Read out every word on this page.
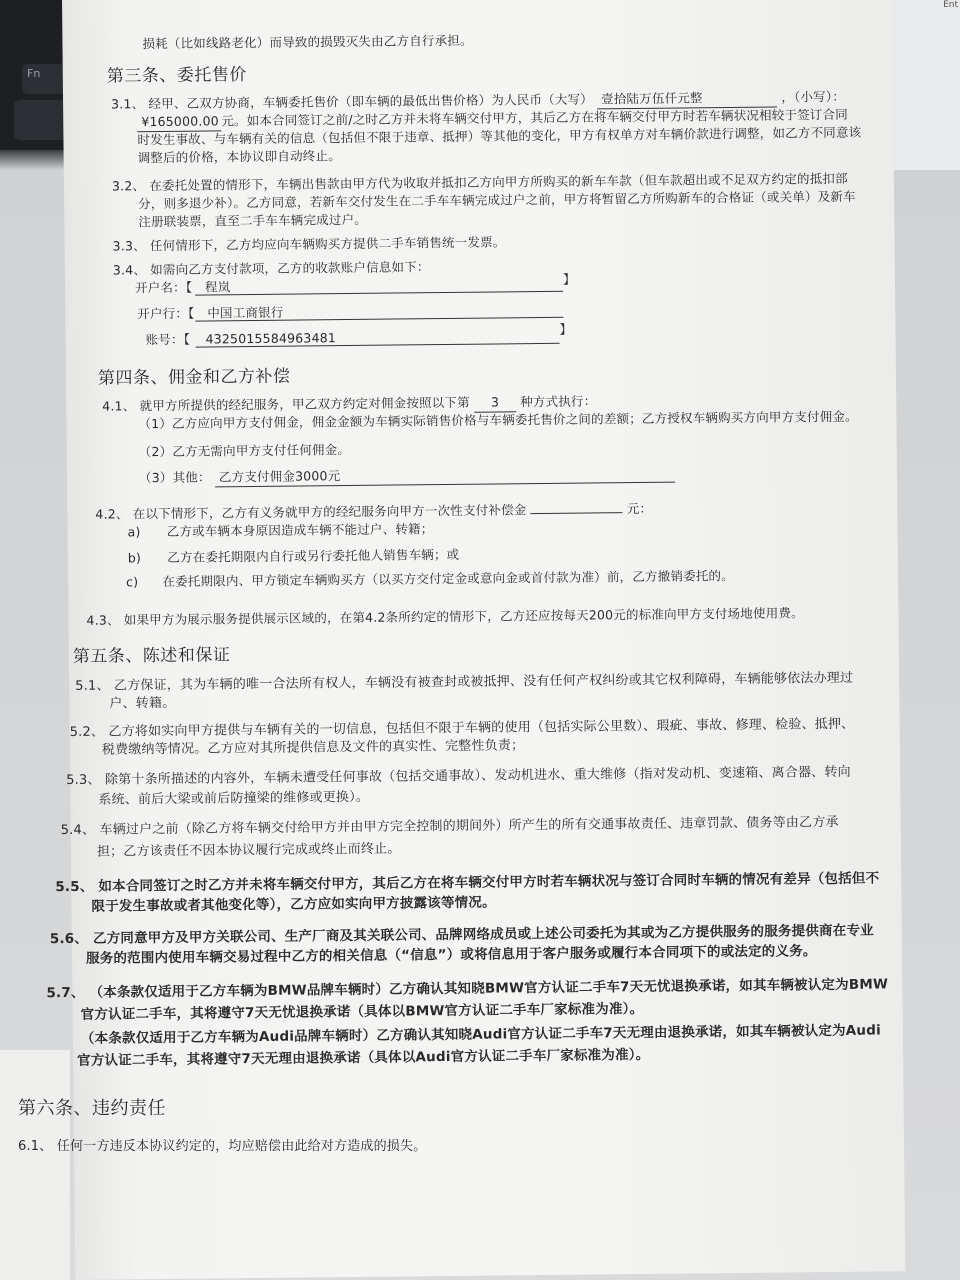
Fn
Ent
损耗（比如线路老化）而导致的损毁灭失由乙方自行承担。
第三条、委托售价
3.1、 经甲、乙双方协商，车辆委托售价（即车辆的最低出售价格）为人民币（大写） 壹拾陆万伍仟元整	，（小写）：
¥165000.00 元。如本合同签订之前/之时乙方并未将车辆交付甲方，其后乙方在将车辆交付甲方时若车辆状况相较于签订合同
时发生事故、与车辆有关的信息（包括但不限于违章、抵押）等其他的变化，甲方有权单方对车辆价款进行调整，如乙方不同意该
调整后的价格，本协议即自动终止。
3.2、 在委托处置的情形下，车辆出售款由甲方代为收取并抵扣乙方向甲方所购买的新车车款（但车款超出或不足双方约定的抵扣部
分，则多退少补）。乙方同意，若新车交付发生在二手车车辆完成过户之前，甲方将暂留乙方所购新车的合格证（或关单）及新车
注册联装票，直至二手车车辆完成过户。
3.3、 任何情形下，乙方均应向车辆购买方提供二手车销售统一发票。
3.4、 如需向乙方支付款项，乙方的收款账户信息如下：
开户名：【 程岚
】
开户行：【 中国工商银行
账号：【 4325015584963481
】
第四条、佣金和乙方补偿
4.1、 就甲方所提供的经纪服务，甲乙双方约定对佣金按照以下第 3 种方式执行：
（1）乙方应向甲方支付佣金，佣金金额为车辆实际销售价格与车辆委托售价之间的差额；乙方授权车辆购买方向甲方支付佣金。
（2）乙方无需向甲方支付任何佣金。
（3）其他： 乙方支付佣金3000元
4.2、 在以下情形下，乙方有义务就甲方的经纪服务向甲方一次性支付补偿金	元：
a) 乙方或车辆本身原因造成车辆不能过户、转籍；
b) 乙方在委托期限内自行或另行委托他人销售车辆；或
c) 在委托期限内、甲方锁定车辆购买方（以买方交付定金或意向金或首付款为准）前，乙方撤销委托的。
4.3、 如果甲方为展示服务提供展示区域的，在第4.2条所约定的情形下，乙方还应按每天200元的标准向甲方支付场地使用费。
第五条、陈述和保证
5.1、 乙方保证，其为车辆的唯一合法所有权人，车辆没有被查封或被抵押、没有任何产权纠纷或其它权利障碍，车辆能够依法办理过
户、转籍。
5.2、 乙方将如实向甲方提供与车辆有关的一切信息，包括但不限于车辆的使用（包括实际公里数）、瑕疵、事故、修理、检验、抵押、
税费缴纳等情况。乙方应对其所提供信息及文件的真实性、完整性负责；
5.3、 除第十条所描述的内容外，车辆未遭受任何事故（包括交通事故）、发动机进水、重大维修（指对发动机、变速箱、离合器、转向
系统、前后大梁或前后防撞梁的维修或更换）。
5.4、 车辆过户之前（除乙方将车辆交付给甲方并由甲方完全控制的期间外）所产生的所有交通事故责任、违章罚款、债务等由乙方承
担；乙方该责任不因本协议履行完成或终止而终止。
5.5、 如本合同签订之时乙方并未将车辆交付甲方，其后乙方在将车辆交付甲方时若车辆状况与签订合同时车辆的情况有差异（包括但不
限于发生事故或者其他变化等），乙方应如实向甲方披露该等情况。
5.6、 乙方同意甲方及甲方关联公司、生产厂商及其关联公司、品牌网络成员或上述公司委托为其或为乙方提供服务的服务提供商在专业
服务的范围内使用车辆交易过程中乙方的相关信息（“信息”）或将信息用于客户服务或履行本合同项下的或法定的义务。
5.7、 （本条款仅适用于乙方车辆为BMW品牌车辆时）乙方确认其知晓BMW官方认证二手车7天无忧退换承诺，如其车辆被认定为BMW
官方认证二手车，其将遵守7天无忧退换承诺（具体以BMW官方认证二手车厂家标准为准）。
（本条款仅适用于乙方车辆为Audi品牌车辆时）乙方确认其知晓Audi官方认证二手车7天无理由退换承诺，如其车辆被认定为Audi
官方认证二手车，其将遵守7天无理由退换承诺（具体以Audi官方认证二手车厂家标准为准）。
第六条、违约责任
6.1、 任何一方违反本协议约定的，均应赔偿由此给对方造成的损失。
